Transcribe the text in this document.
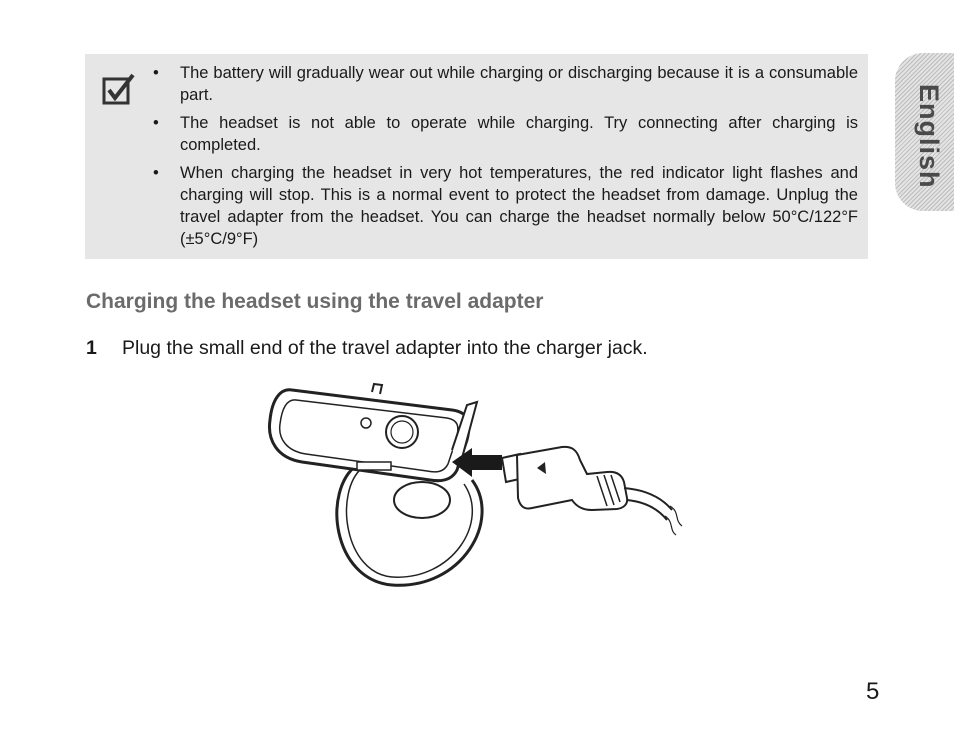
• The battery will gradually wear out while charging or discharging because it is a consumable part.
• The headset is not able to operate while charging. Try connecting after charging is completed.
• When charging the headset in very hot temperatures, the red indicator light flashes and charging will stop. This is a normal event to protect the headset from damage. Unplug the travel adapter from the headset. You can charge the headset normally below 50°C/122°F (±5°C/9°F)
English
Charging the headset using the travel adapter
1 Plug the small end of the travel adapter into the charger jack.
5
